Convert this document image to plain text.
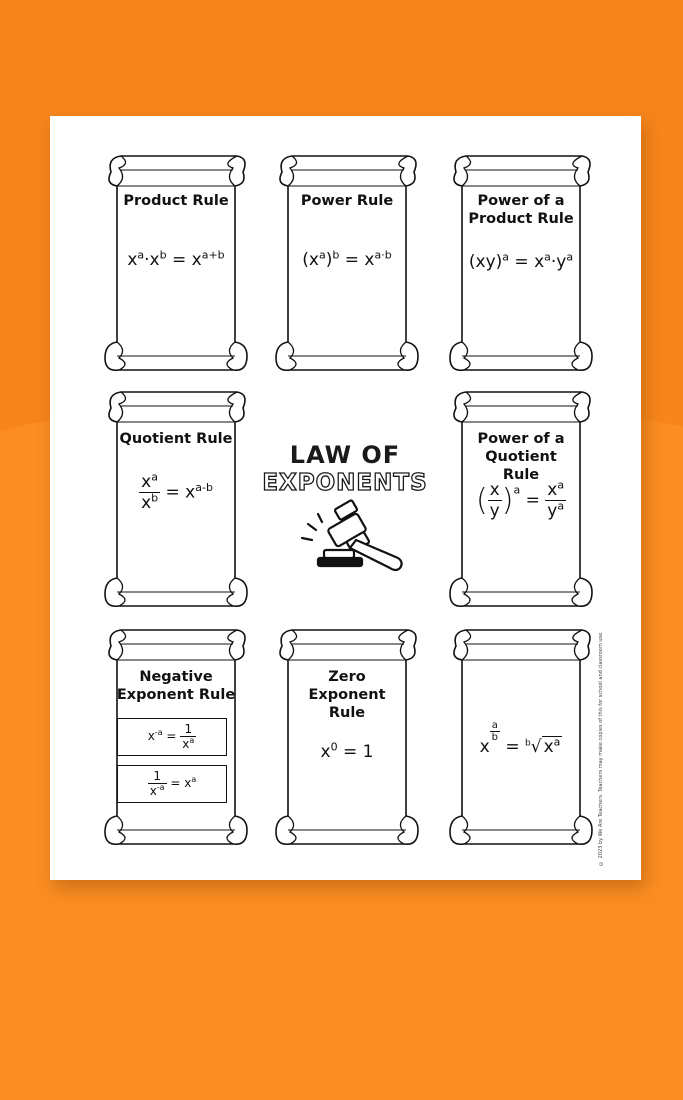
Product Rule
$x^a\cdot x^b = x^{a+b}$
Power Rule
$(x^a)^b = x^{a\cdot b}$
Power of a Product Rule
$(xy)^a = x^a\cdot y^a$
Quotient Rule
$\frac{x^a}{x^b} = x^{a-b}$
LAW OF
EXPONENTS
Power of a Quotient Rule
( $\frac{x}{y} )^a = \frac{x^a}{y^a}$
Negative Exponent Rule
$x^{-a} = \frac{1}{x^a}$
$\frac{1}{x^{-a}} = x^a$
Zero Exponent Rule
$x^0 = 1$	x
$\frac{a}{b}$
= $^b$√ $x^a$	© 2023 by We Are Teachers. Teachers may make copies of this for school and classroom use.
